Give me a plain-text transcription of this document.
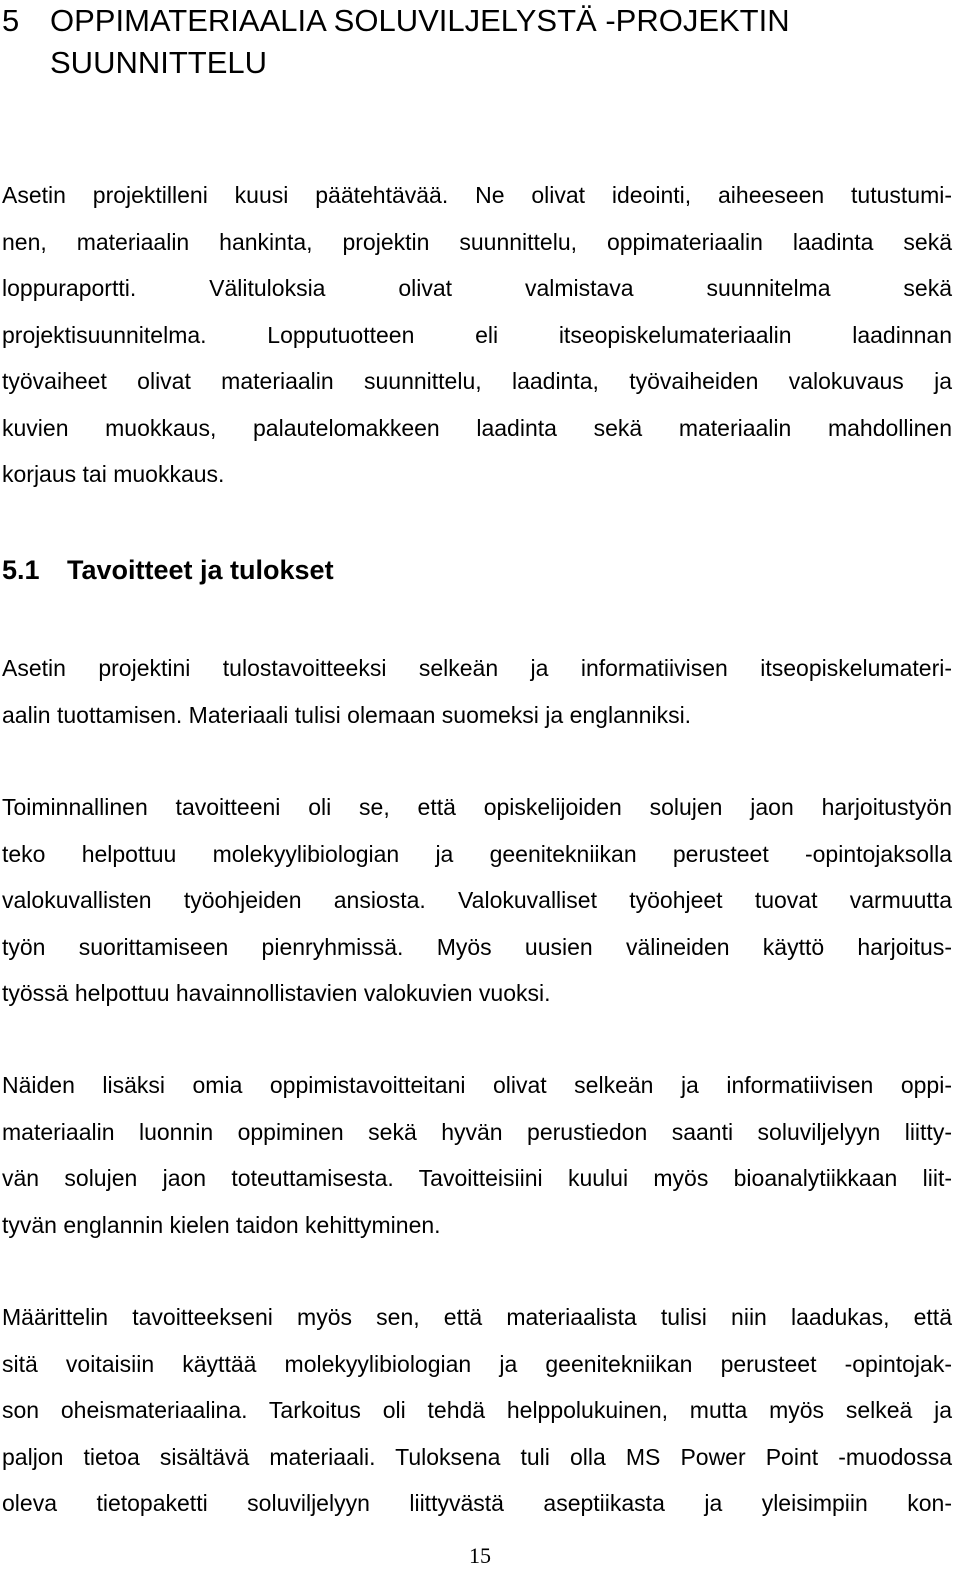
5 OPPIMATERIAALIA SOLUVILJELYSTÄ -PROJEKTIN
SUUNNITTELU

Asetin projektilleni kuusi päätehtävää. Ne olivat ideointi, aiheeseen tutustumi-
nen, materiaalin hankinta, projektin suunnittelu, oppimateriaalin laadinta sekä
loppuraportti. Välituloksia olivat valmistava suunnitelma sekä
projektisuunnitelma. Lopputuotteen eli itseopiskelumateriaalin laadinnan
työvaiheet olivat materiaalin suunnittelu, laadinta, työvaiheiden valokuvaus ja
kuvien muokkaus, palautelomakkeen laadinta sekä materiaalin mahdollinen
korjaus tai muokkaus.

5.1 Tavoitteet ja tulokset

Asetin projektini tulostavoitteeksi selkeän ja informatiivisen itseopiskelumateri-
aalin tuottamisen. Materiaali tulisi olemaan suomeksi ja englanniksi.

Toiminnallinen tavoitteeni oli se, että opiskelijoiden solujen jaon harjoitustyön
teko helpottuu molekyylibiologian ja geenitekniikan perusteet -opintojaksolla
valokuvallisten työohjeiden ansiosta. Valokuvalliset työohjeet tuovat varmuutta
työn suorittamiseen pienryhmissä. Myös uusien välineiden käyttö harjoitus-
työssä helpottuu havainnollistavien valokuvien vuoksi.

Näiden lisäksi omia oppimistavoitteitani olivat selkeän ja informatiivisen oppi-
materiaalin luonnin oppiminen sekä hyvän perustiedon saanti soluviljelyyn liitty-
vän solujen jaon toteuttamisesta. Tavoitteisiini kuului myös bioanalytiikkaan liit-
tyvän englannin kielen taidon kehittyminen.

Määrittelin tavoitteekseni myös sen, että materiaalista tulisi niin laadukas, että
sitä voitaisiin käyttää molekyylibiologian ja geenitekniikan perusteet -opintojak-
son oheismateriaalina. Tarkoitus oli tehdä helppolukuinen, mutta myös selkeä ja
paljon tietoa sisältävä materiaali. Tuloksena tuli olla MS Power Point -muodossa
oleva tietopaketti soluviljelyyn liittyvästä aseptiikasta ja yleisimpiin kon-

15
